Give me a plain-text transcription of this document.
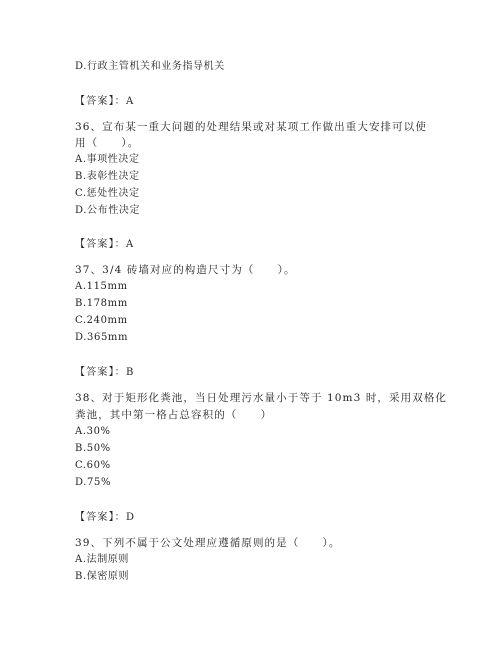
D.行政主管机关和业务指导机关
【答案】：A
36、宣布某一重大问题的处理结果或对某项工作做出重大安排可以使
用（　　）。
A.事项性决定
B.表彰性决定
C.惩处性决定
D.公布性决定
【答案】：A
37、3/4 砖墙对应的构造尺寸为（　　）。
A.115mm
B.178mm
C.240mm
D.365mm
【答案】：B
38、对于矩形化粪池，当日处理污水量小于等于 10m3 时，采用双格化
粪池，其中第一格占总容积的（　　）
A.30%
B.50%
C.60%
D.75%
【答案】：D
39、下列不属于公文处理应遵循原则的是（　　）。
A.法制原则
B.保密原则
